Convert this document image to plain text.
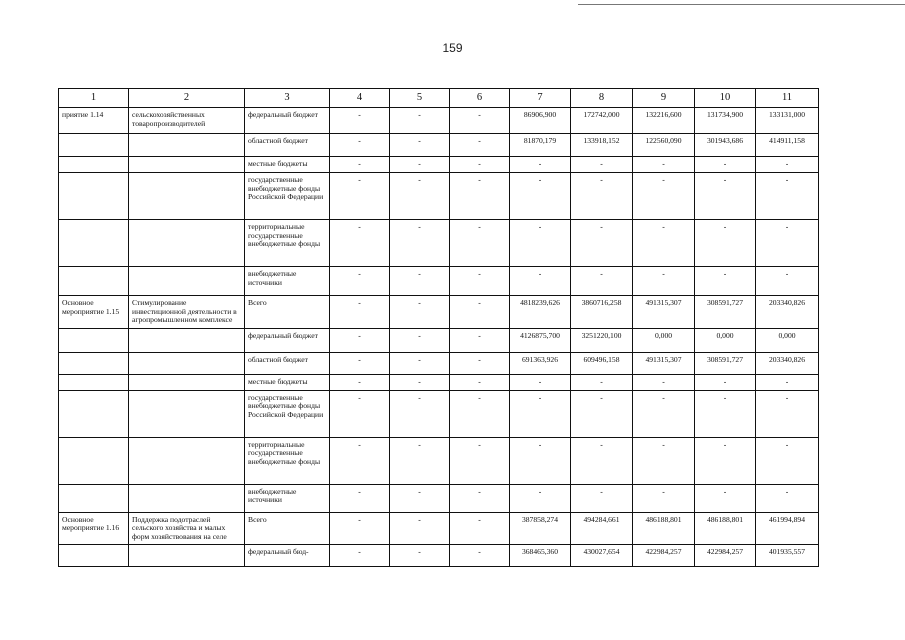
159
1	2	3	4	5	6	7	8	9	10	11
приятие 1.14	сельскохозяйственных товаропроизводителей	федеральный бюджет	-	-	-	86906,900	172742,000	132216,600	131734,900	133131,000
		областной бюджет	-	-	-	81870,179	133918,152	122560,090	301943,686	414911,158
		местные бюджеты	-	-	-	-	-	-	-	-
		государственные внебюджетные фонды Российской Федерации	-	-	-	-	-	-	-	-
		территориальные государственные внебюджетные фонды	-	-	-	-	-	-	-	-
		внебюджетные источники	-	-	-	-	-	-	-	-
Основное мероприятие 1.15	Стимулирование инвестиционной деятельности в агропромышленном комплексе	Всего	-	-	-	4818239,626	3860716,258	491315,307	308591,727	203340,826
		федеральный бюджет	-	-	-	4126875,700	3251220,100	0,000	0,000	0,000
		областной бюджет	-	-	-	691363,926	609496,158	491315,307	308591,727	203340,826
		местные бюджеты	-	-	-	-	-	-	-	-
		государственные внебюджетные фонды Российской Федерации	-	-	-	-	-	-	-	-
		территориальные государственные внебюджетные фонды	-	-	-	-	-	-	-	-
		внебюджетные источники	-	-	-	-	-	-	-	-
Основное мероприятие 1.16	Поддержка подотраслей сельского хозяйства и малых форм хозяйствования на селе	Всего	-	-	-	387858,274	494284,661	486188,801	486188,801	461994,894
		федеральный бюд-	-	-	-	368465,360	430027,654	422984,257	422984,257	401935,557
